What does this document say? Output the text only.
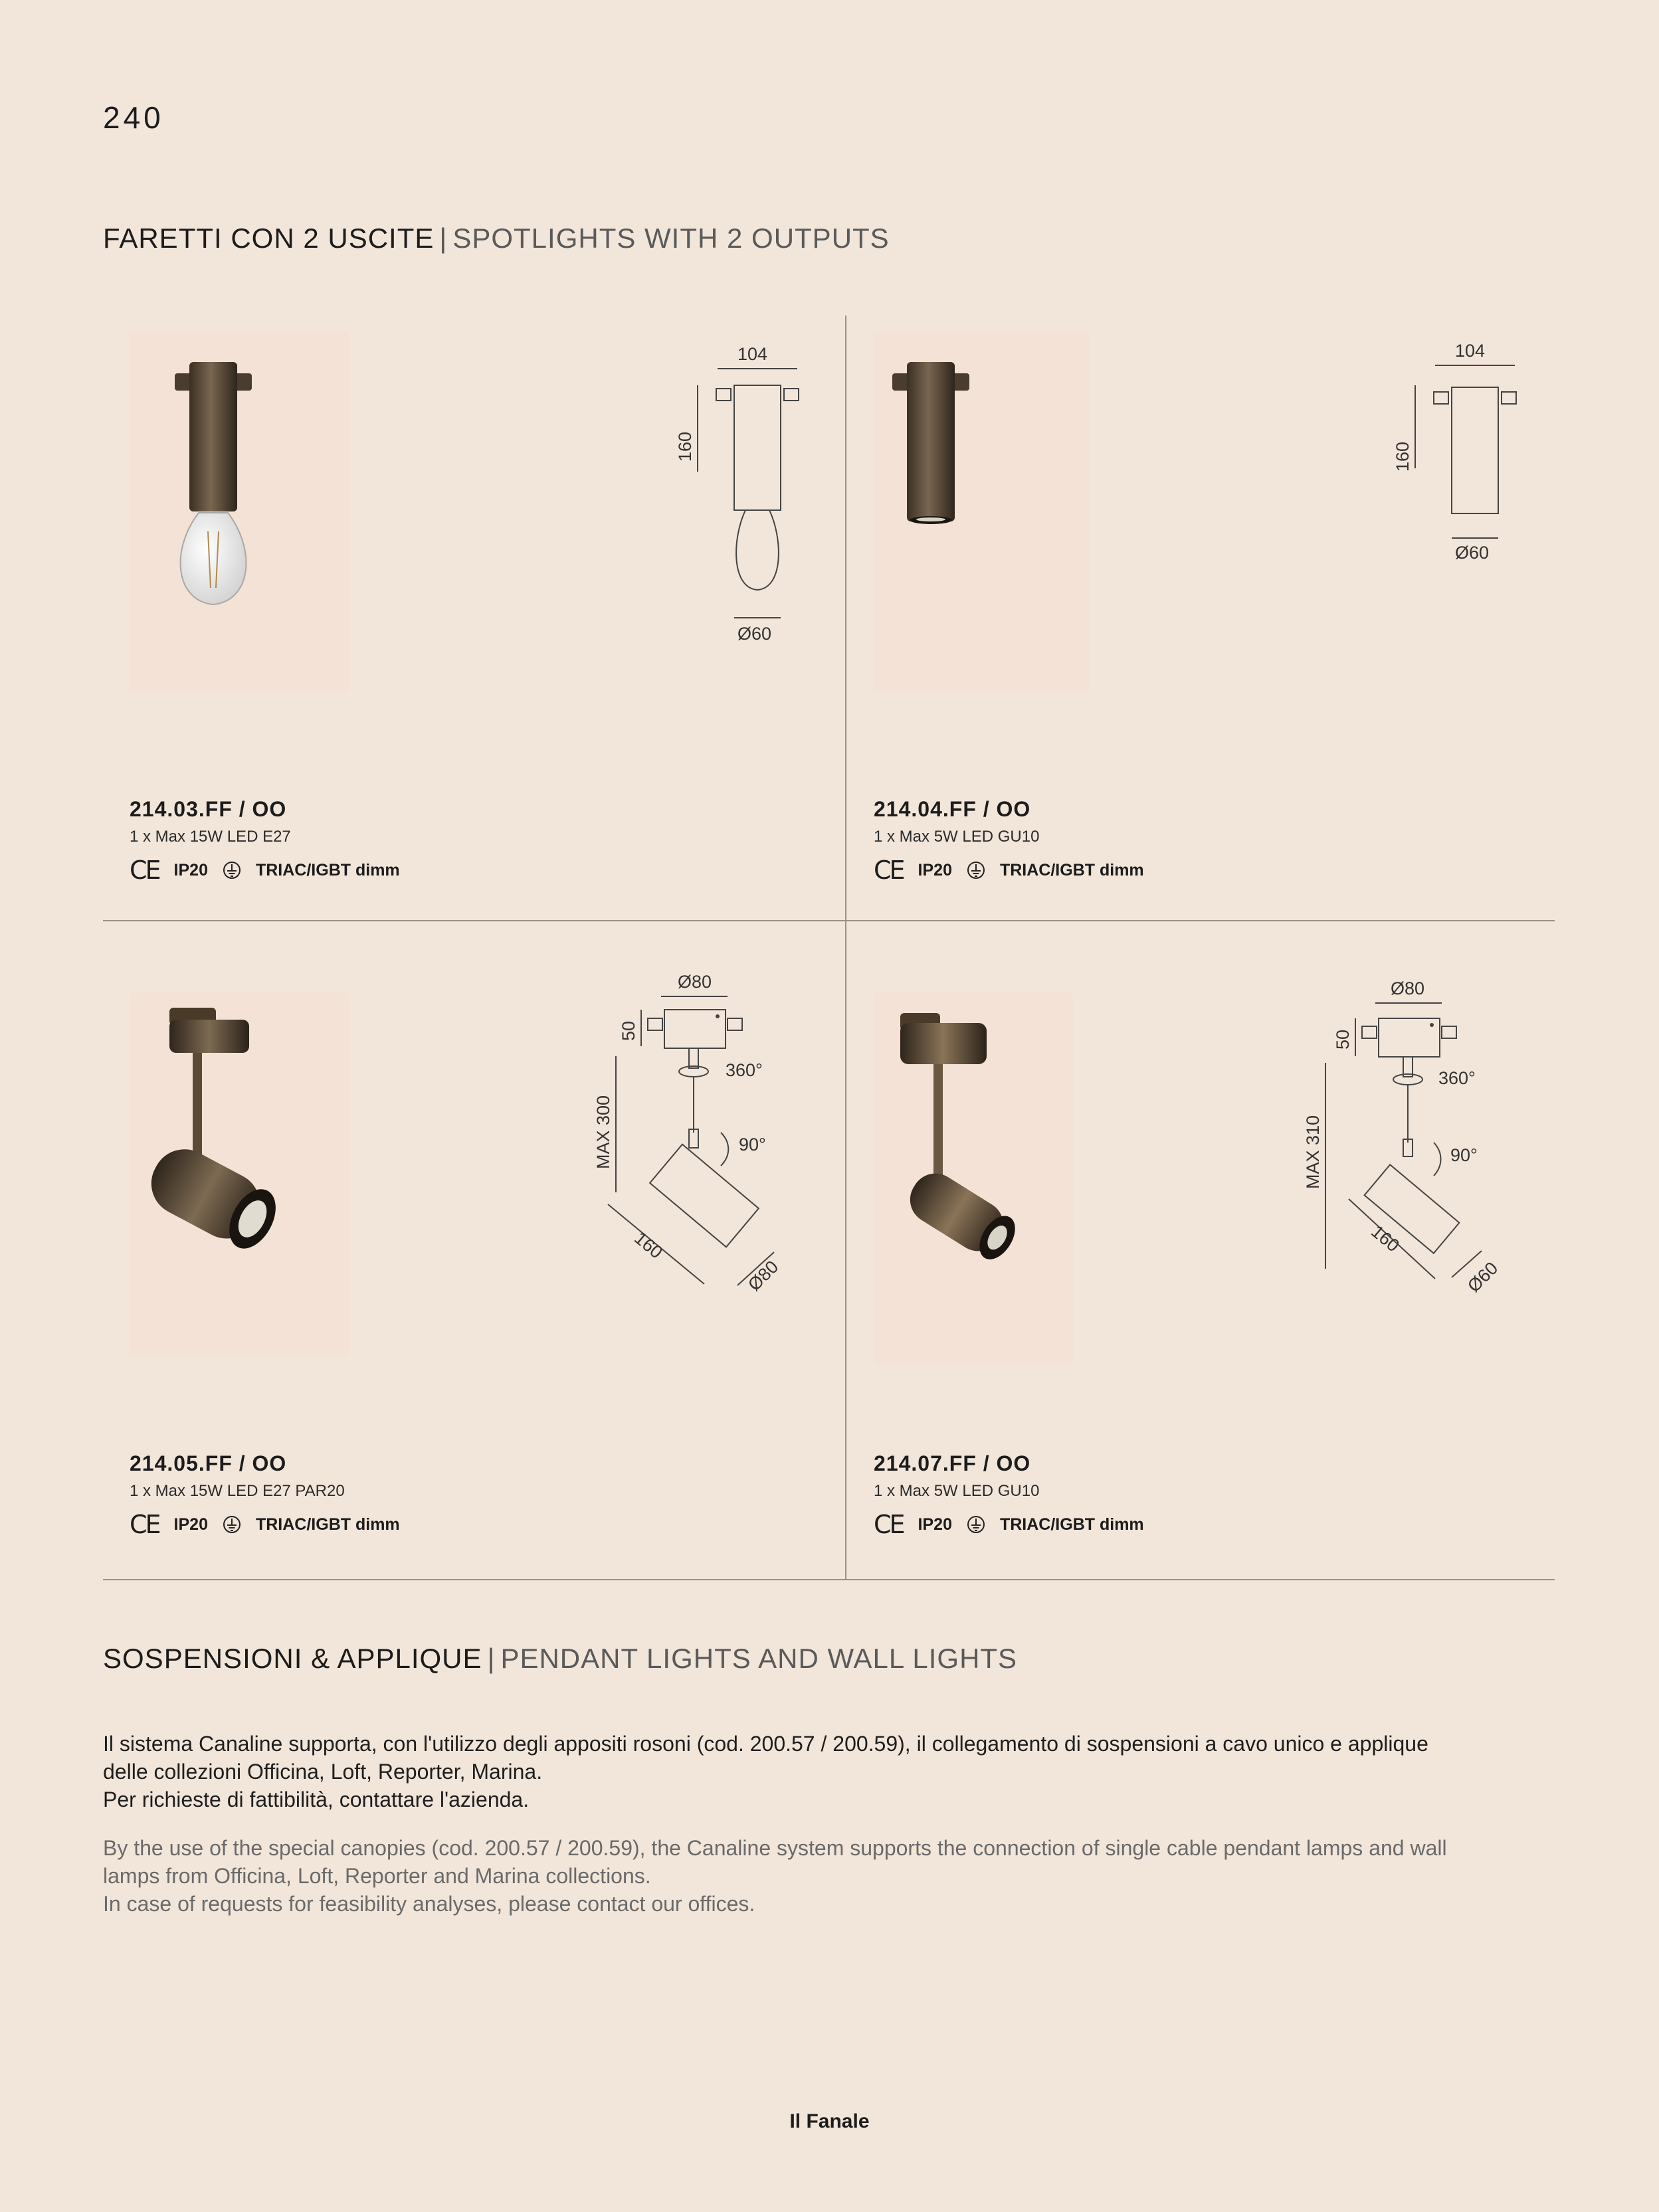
240
FARETTI CON 2 USCITE | SPOTLIGHTS WITH 2 OUTPUTS
104
160
Ø60
214.03.FF / OO
1 x Max 15W LED E27
CE IP20	TRIAC/IGBT dimm
104
160
Ø60
214.04.FF / OO
1 x Max 5W LED GU10
CE IP20	TRIAC/IGBT dimm
Ø80
50
MAX 300
360°
90°
160
Ø80
214.05.FF / OO
1 x Max 15W LED E27 PAR20
CE IP20	TRIAC/IGBT dimm
Ø80
50
MAX 310
360°
90°
160
Ø60
214.07.FF / OO
1 x Max 5W LED GU10
CE IP20	TRIAC/IGBT dimm
SOSPENSIONI & APPLIQUE | PENDANT LIGHTS AND WALL LIGHTS
Il sistema Canaline supporta, con l'utilizzo degli appositi rosoni (cod. 200.57 / 200.59), il collegamento di sospensioni a cavo unico e applique
delle collezioni Officina, Loft, Reporter, Marina.
Per richieste di fattibilità, contattare l'azienda.
By the use of the special canopies (cod. 200.57 / 200.59), the Canaline system supports the connection of single cable pendant lamps and wall
lamps from Officina, Loft, Reporter and Marina collections.
In case of requests for feasibility analyses, please contact our offices.
Il Fanale
